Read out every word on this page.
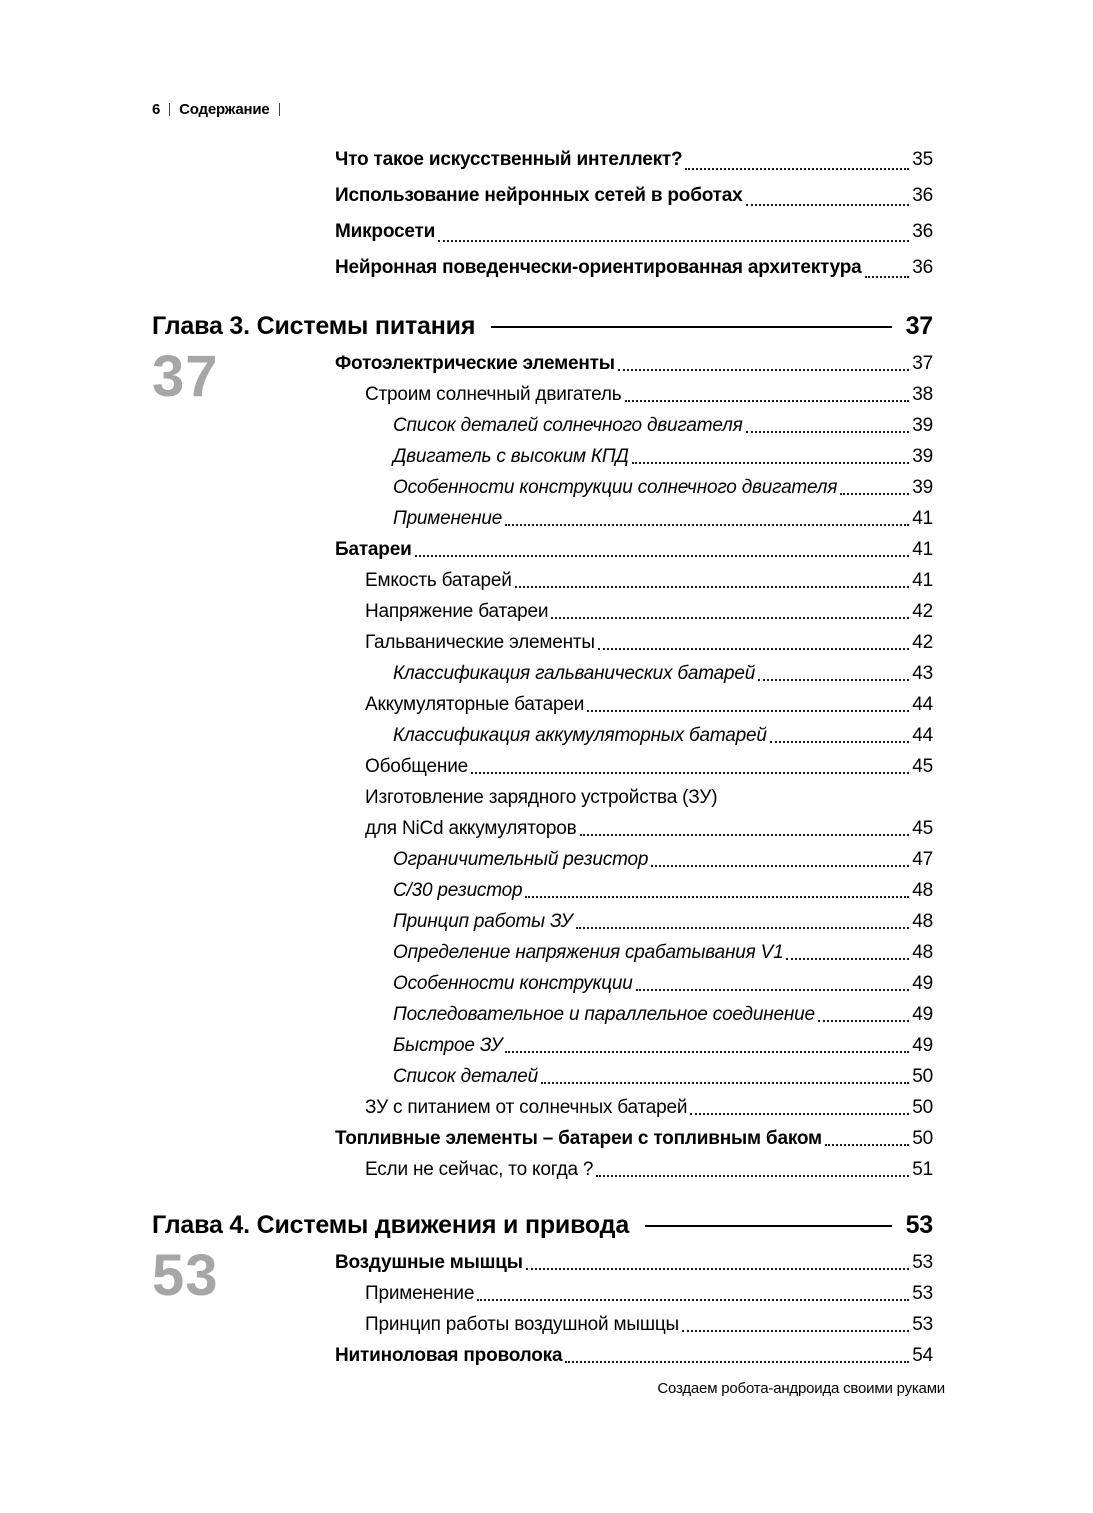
6 Содержание
Что такое искусственный интеллект?	35
Использование нейронных сетей в роботах	36
Микросети	36
Нейронная поведенчески-ориентированная архитектура	36
Глава 3. Системы питания	37
37	Фотоэлектрические элементы	37
Строим солнечный двигатель	38
Список деталей солнечного двигателя	39
Двигатель с высоким КПД	39
Особенности конструкции солнечного двигателя	39
Применение	41
Батареи	41
Емкость батарей	41
Напряжение батареи	42
Гальванические элементы	42
Классификация гальванических батарей	43
Аккумуляторные батареи	44
Классификация аккумуляторных батарей	44
Обобщение	45
Изготовление зарядного устройства (ЗУ)
для NiCd аккумуляторов	45
Ограничительный резистор	47
С/30 резистор	48
Принцип работы ЗУ	48
Определение напряжения срабатывания V1	48
Особенности конструкции	49
Последовательное и параллельное соединение	49
Быстрое ЗУ	49
Список деталей	50
ЗУ с питанием от солнечных батарей	50
Топливные элементы – батареи с топливным баком	50
Если не сейчас, то когда ?	51
Глава 4. Системы движения и привода	53
53	Воздушные мышцы	53
Применение	53
Принцип работы воздушной мышцы	53
Нитиноловая проволока	54
Создаем робота-андроида своими руками
